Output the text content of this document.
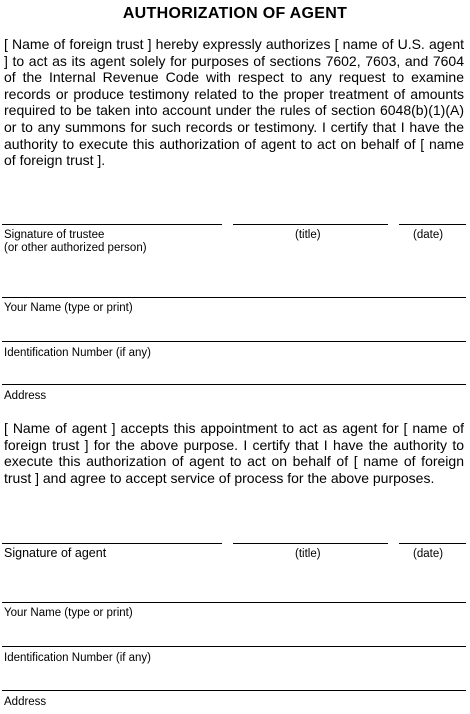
AUTHORIZATION OF AGENT
[ Name of foreign trust ] hereby expressly authorizes [ name of U.S. agent ] to act as its agent solely for purposes of sections 7602, 7603, and 7604 of the Internal Revenue Code with respect to any request to examine records or produce testimony related to the proper treatment of amounts required to be taken into account under the rules of section 6048(b)(1)(A) or to any summons for such records or testimony. I certify that I have the authority to execute this authorization of agent to act on behalf of [ name of foreign trust ].
Signature of trustee
(or other authorized person)
(title)	(date)
Your Name (type or print)
Identification Number (if any)
Address
[ Name of agent ] accepts this appointment to act as agent for [ name of foreign trust ] for the above purpose. I certify that I have the authority to execute this authorization of agent to act on behalf of [ name of foreign trust ] and agree to accept service of process for the above purposes.
Signature of agent	(title)	(date)
Your Name (type or print)
Identification Number (if any)
Address
